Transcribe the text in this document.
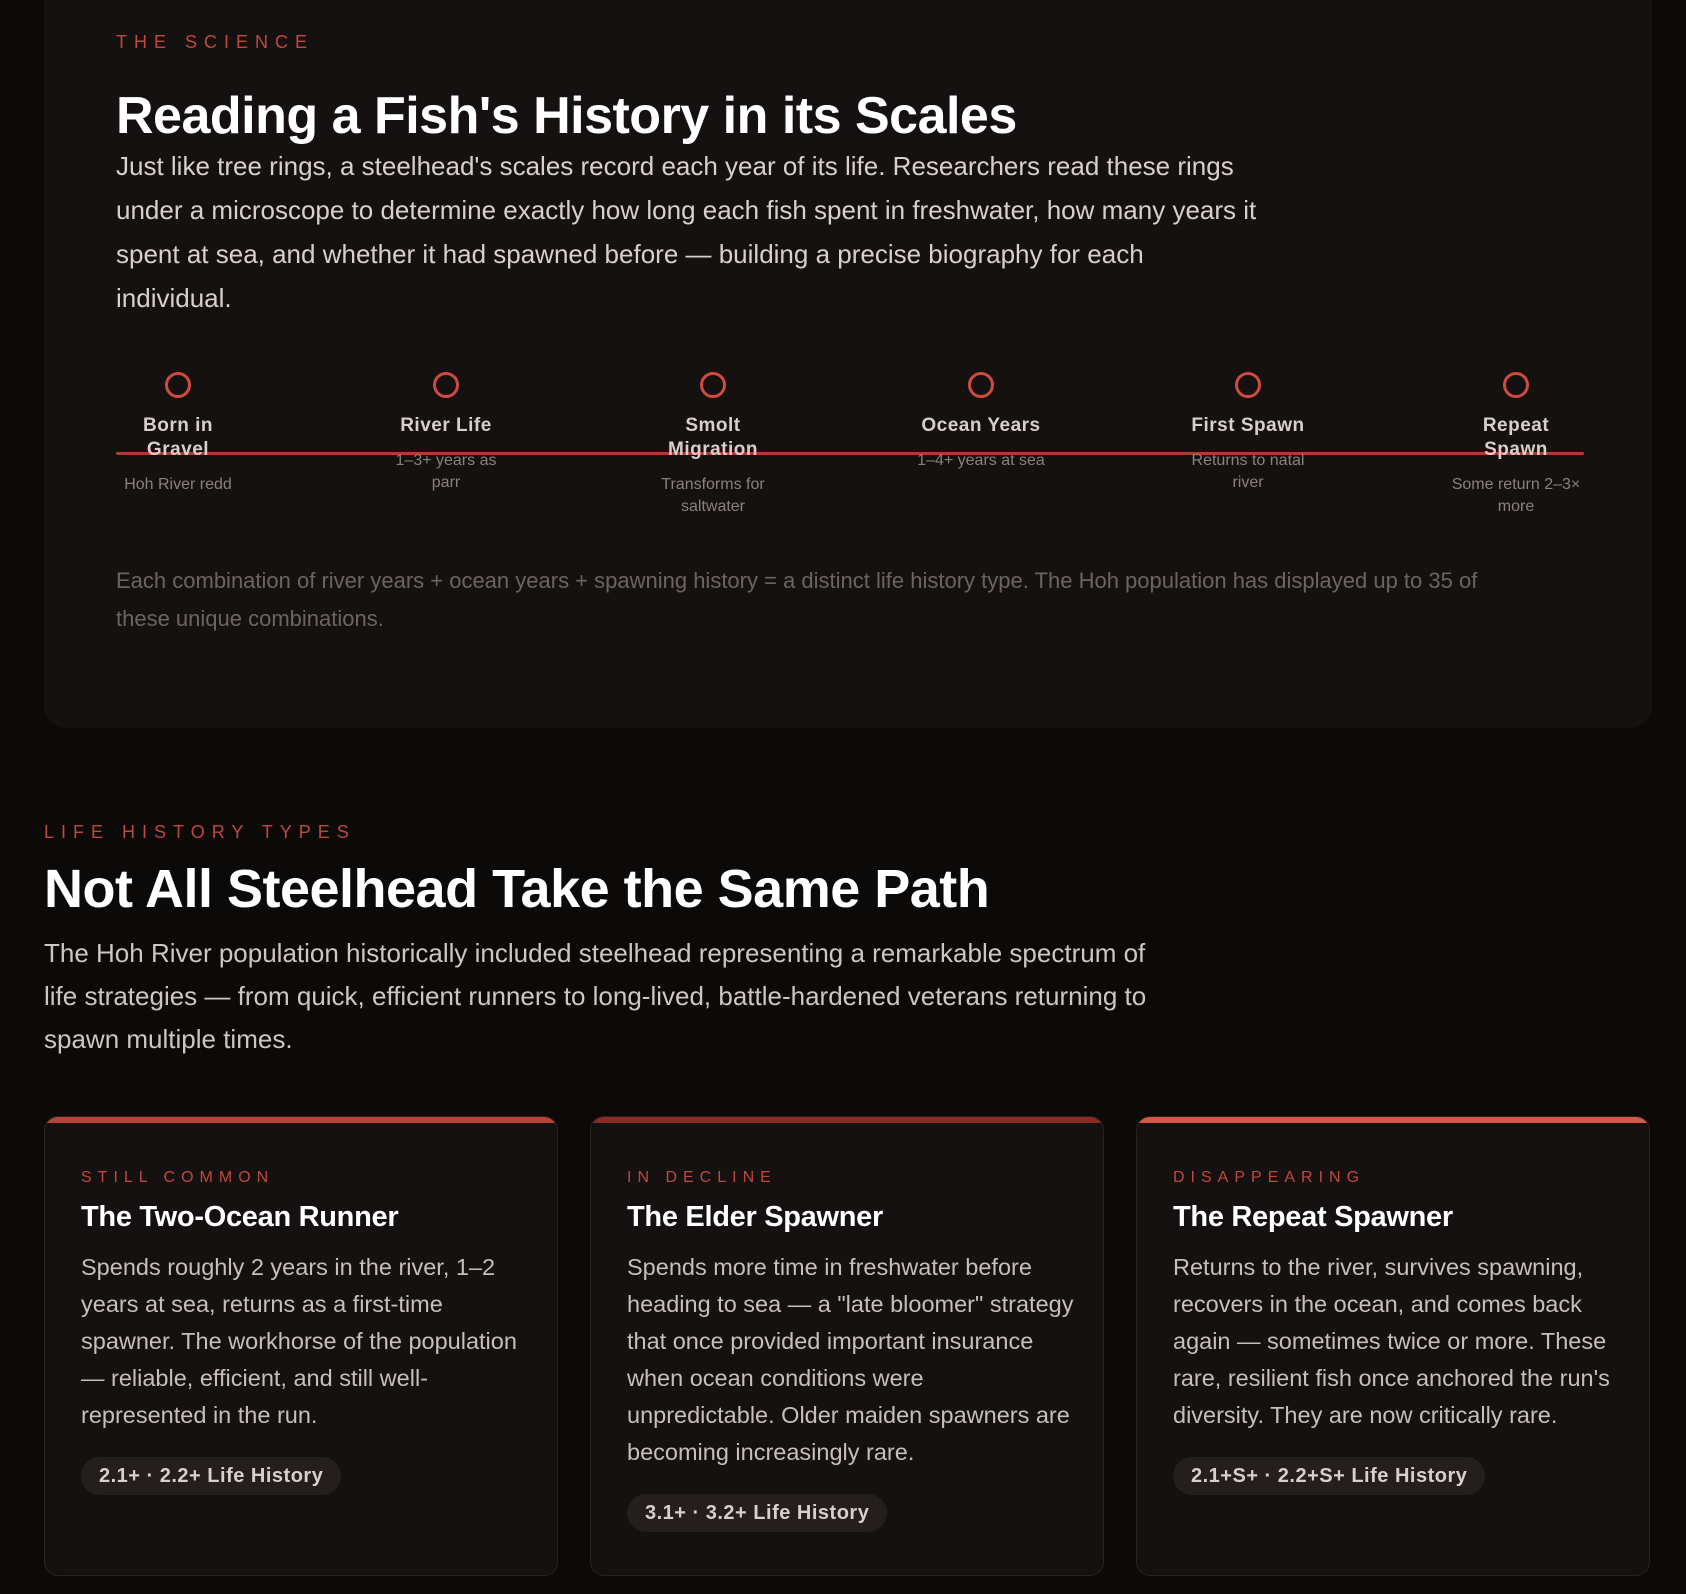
THE SCIENCE
Reading a Fish's History in its Scales

Just like tree rings, a steelhead's scales record each year of its life. Researchers read these rings under a microscope to determine exactly how long each fish spent in freshwater, how many years it spent at sea, and whether it had spawned before — building a precise biography for each individual.

Born in Gravel
Hoh River redd
River Life
1–3+ years as parr
Smolt Migration
Transforms for saltwater
Ocean Years
1–4+ years at sea
First Spawn
Returns to natal river
Repeat Spawn
Some return 2–3× more

Each combination of river years + ocean years + spawning history = a distinct life history type. The Hoh population has displayed up to 35 of these unique combinations.

LIFE HISTORY TYPES
Not All Steelhead Take the Same Path

The Hoh River population historically included steelhead representing a remarkable spectrum of life strategies — from quick, efficient runners to long-lived, battle-hardened veterans returning to spawn multiple times.

STILL COMMON
The Two-Ocean Runner

Spends roughly 2 years in the river, 1–2 years at sea, returns as a first-time spawner. The workhorse of the population — reliable, efficient, and still well-represented in the run.

2.1+ · 2.2+ Life History
IN DECLINE
The Elder Spawner

Spends more time in freshwater before heading to sea — a "late bloomer" strategy that once provided important insurance when ocean conditions were unpredictable. Older maiden spawners are becoming increasingly rare.

3.1+ · 3.2+ Life History
DISAPPEARING
The Repeat Spawner

Returns to the river, survives spawning, recovers in the ocean, and comes back again — sometimes twice or more. These rare, resilient fish once anchored the run's diversity. They are now critically rare.

2.1+S+ · 2.2+S+ Life History
